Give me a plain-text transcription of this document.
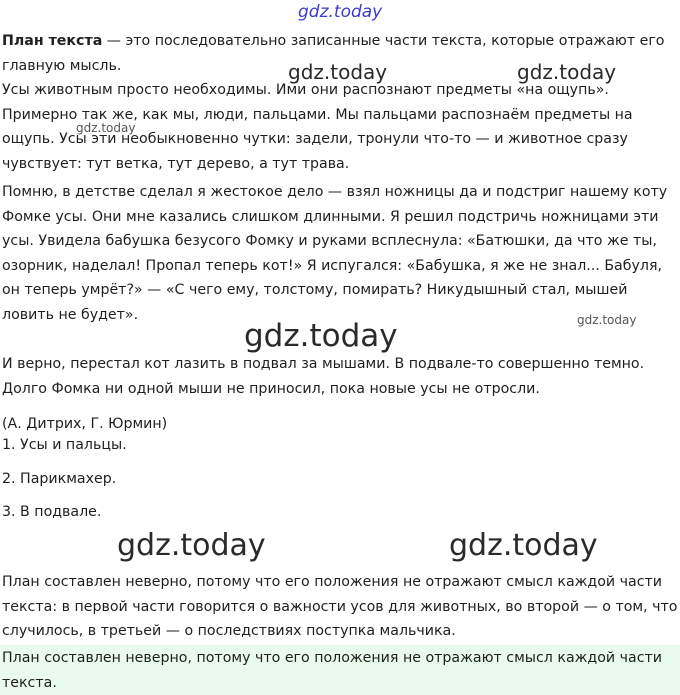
gdz.today

План текста — это последовательно записанные части текста, которые отражают его главную мысль.

Усы животным просто необходимы. Ими они распознают предметы «на ощупь». Примерно так же, как мы, люди, пальцами. Мы пальцами распознаём предметы на ощупь. Усы эти необыкновенно чутки: задели, тронули что-то — и животное сразу чувствует: тут ветка, тут дерево, а тут трава.

Помню, в детстве сделал я жестокое дело — взял ножницы да и подстриг нашему коту Фомке усы. Они мне казались слишком длинными. Я решил подстричь ножницами эти усы. Увидела бабушка безусого Фомку и руками всплеснула: «Батюшки, да что же ты, озорник, наделал! Пропал теперь кот!» Я испугался: «Бабушка, я же не знал... Бабуля, он теперь умрёт?» — «С чего ему, толстому, помирать? Никудышный стал, мышей ловить не будет».

И верно, перестал кот лазить в подвал за мышами. В подвале-то совершенно темно. Долго Фомка ни одной мыши не приносил, пока новые усы не отросли.

(А. Дитрих, Г. Юрмин)

1. Усы и пальцы.
2. Парикмахер.
3. В подвале.

План составлен неверно, потому что его положения не отражают смысл каждой части текста: в первой части говорится о важности усов для животных, во второй — о том, что случилось, в третьей — о последствиях поступка мальчика.

План составлен неверно, потому что его положения не отражают смысл каждой части текста.

gdz.today	gdz.today
gdz.today
gdz.today	gdz.today
gdz.today	gdz.today
